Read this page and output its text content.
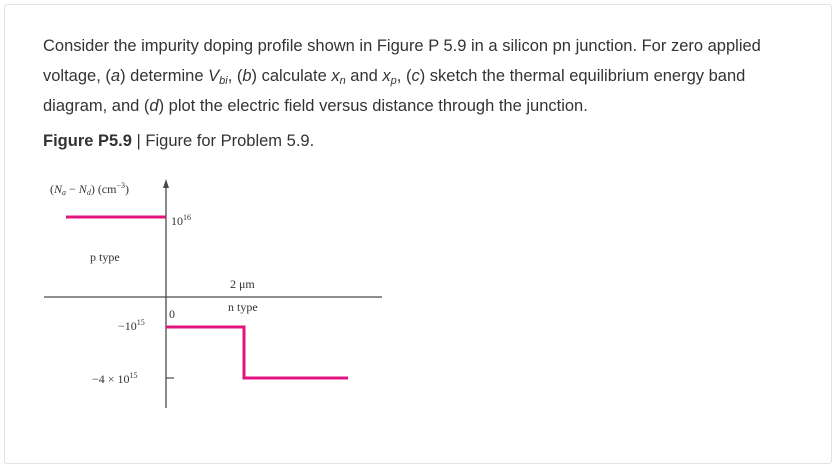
Consider the impurity doping profile shown in Figure P 5.9 in a silicon pn junction. For zero applied voltage, (a) determine $V_{bi}$, (b) calculate $x_n$ and $x_p$, (c) sketch the thermal equilibrium energy band diagram, and (d) plot the electric field versus distance through the junction.

Figure P5.9 | Figure for Problem 5.9.

(Na − Nd) $(cm^{-3})$
$10^{16}$
p type
2 μm
n type
0
$-10^{15}$
$-4 \times 10^{15}$
